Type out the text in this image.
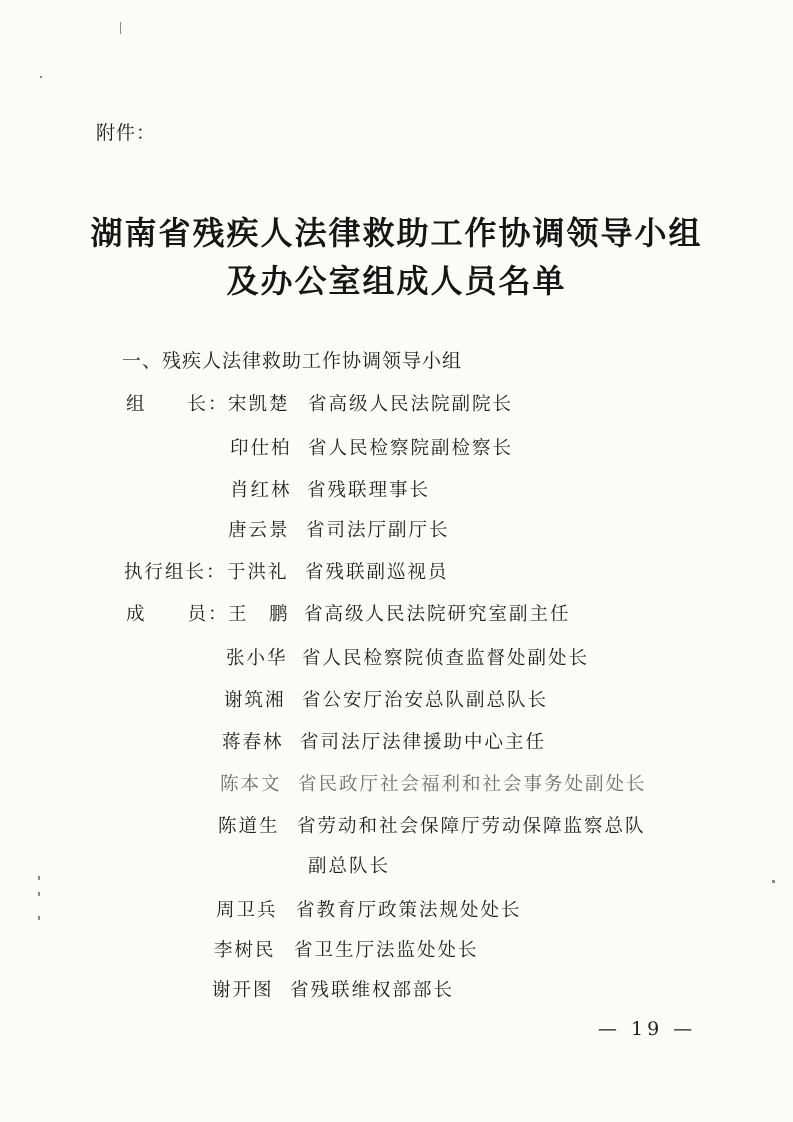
附件：
湖南省残疾人法律救助工作协调领导小组
及办公室组成人员名单
一、残疾人法律救助工作协调领导小组
组　　长： 宋凯楚 省高级人民法院副院长
印仕柏 省人民检察院副检察长
肖红林 省残联理事长
唐云景 省司法厅副厅长
执行组长： 于洪礼 省残联副巡视员
成　　员： 王　鹏 省高级人民法院研究室副主任
张小华 省人民检察院侦查监督处副处长
谢筑湘 省公安厅治安总队副总队长
蒋春林 省司法厅法律援助中心主任
陈本文 省民政厅社会福利和社会事务处副处长
陈道生 省劳动和社会保障厅劳动保障监察总队
副总队长
周卫兵 省教育厅政策法规处处长
李树民 省卫生厅法监处处长
谢开图 省残联维权部部长
— 19 —
